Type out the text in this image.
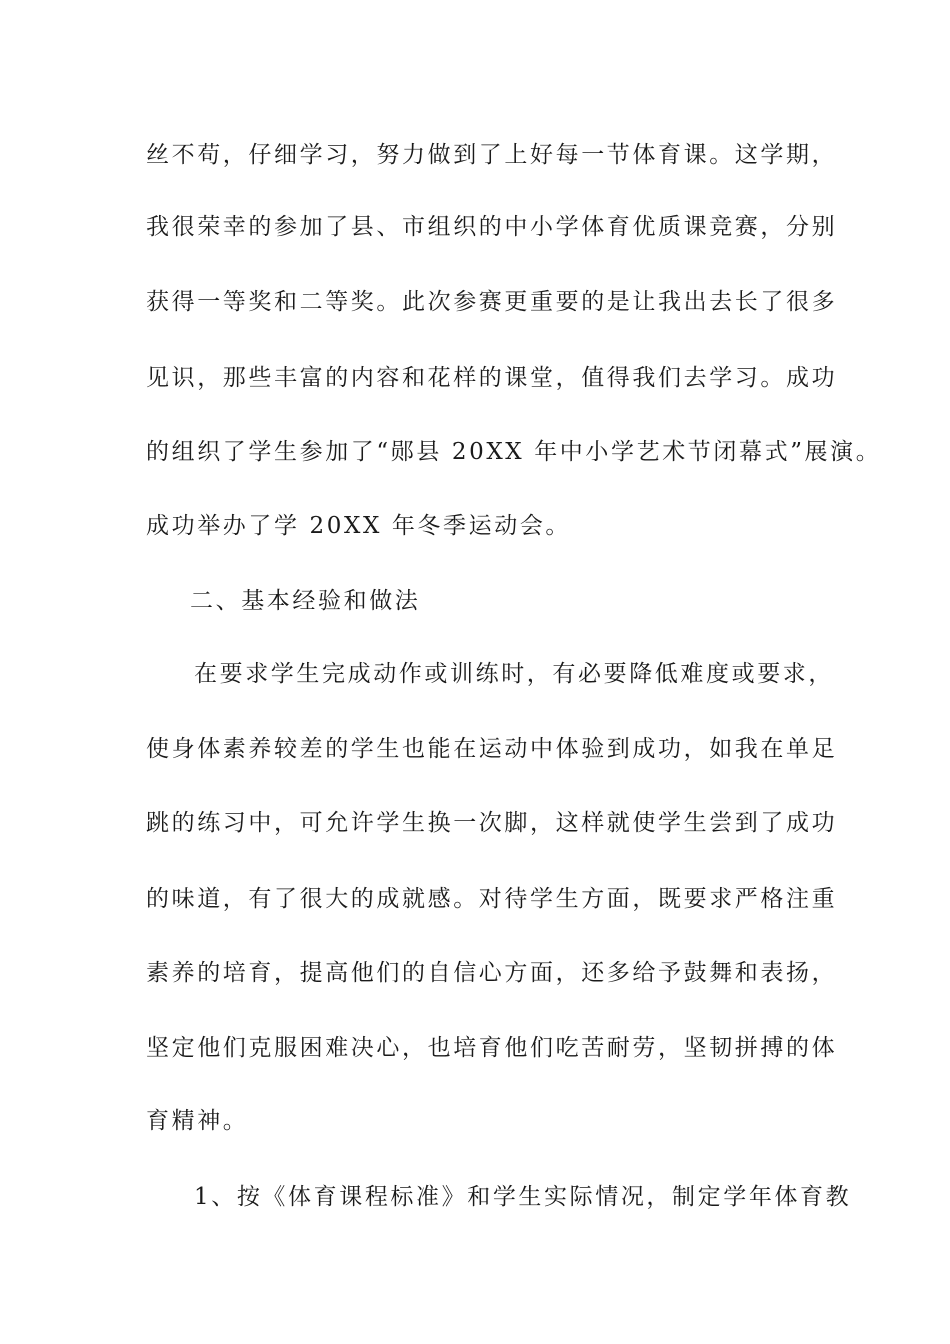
丝不苟，仔细学习，努力做到了上好每一节体育课。这学期，
我很荣幸的参加了县、市组织的中小学体育优质课竞赛，分别
获得一等奖和二等奖。此次参赛更重要的是让我出去长了很多
见识，那些丰富的内容和花样的课堂，值得我们去学习。成功
的组织了学生参加了“郧县 20XX 年中小学艺术节闭幕式”展演。
成功举办了学 20XX 年冬季运动会。
二、基本经验和做法
在要求学生完成动作或训练时，有必要降低难度或要求，
使身体素养较差的学生也能在运动中体验到成功，如我在单足
跳的练习中，可允许学生换一次脚，这样就使学生尝到了成功
的味道，有了很大的成就感。对待学生方面，既要求严格注重
素养的培育，提高他们的自信心方面，还多给予鼓舞和表扬，
坚定他们克服困难决心，也培育他们吃苦耐劳，坚韧拼搏的体
育精神。
1、按《体育课程标准》和学生实际情况，制定学年体育教
